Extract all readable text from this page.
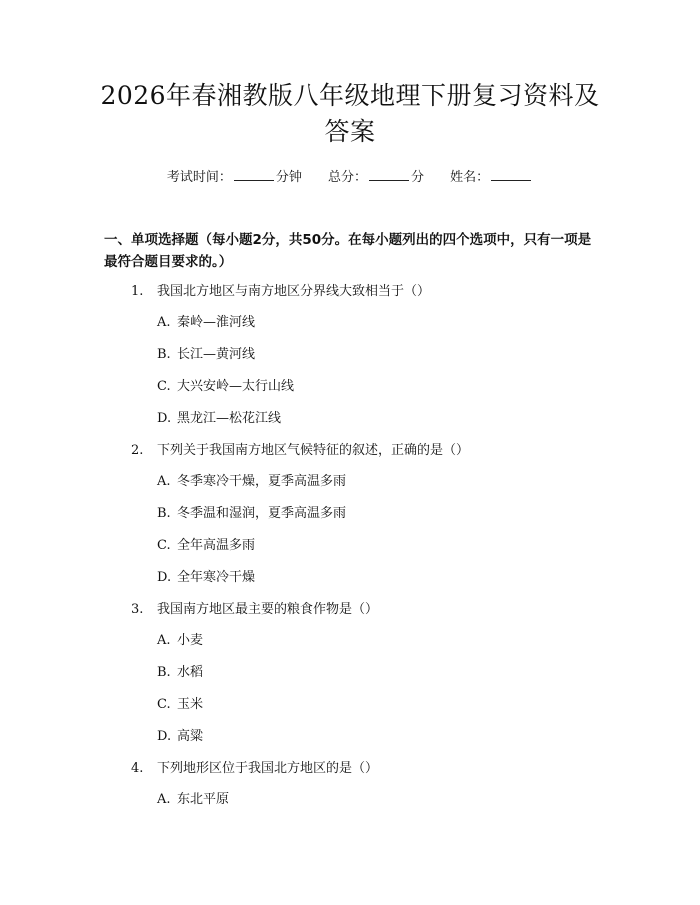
2026年春湘教版八年级地理下册复习资料及答案
考试时间：	分钟 总分：	分 姓名：
一、单项选择题（每小题2分，共50分。在每小题列出的四个选项中，只有一项是最符合题目要求的。）
1. 我国北方地区与南方地区分界线大致相当于（）
A. 秦岭—淮河线
B. 长江—黄河线
C. 大兴安岭—太行山线
D. 黑龙江—松花江线
2. 下列关于我国南方地区气候特征的叙述，正确的是（）
A. 冬季寒冷干燥，夏季高温多雨
B. 冬季温和湿润，夏季高温多雨
C. 全年高温多雨
D. 全年寒冷干燥
3. 我国南方地区最主要的粮食作物是（）
A. 小麦
B. 水稻
C. 玉米
D. 高粱
4. 下列地形区位于我国北方地区的是（）
A. 东北平原
